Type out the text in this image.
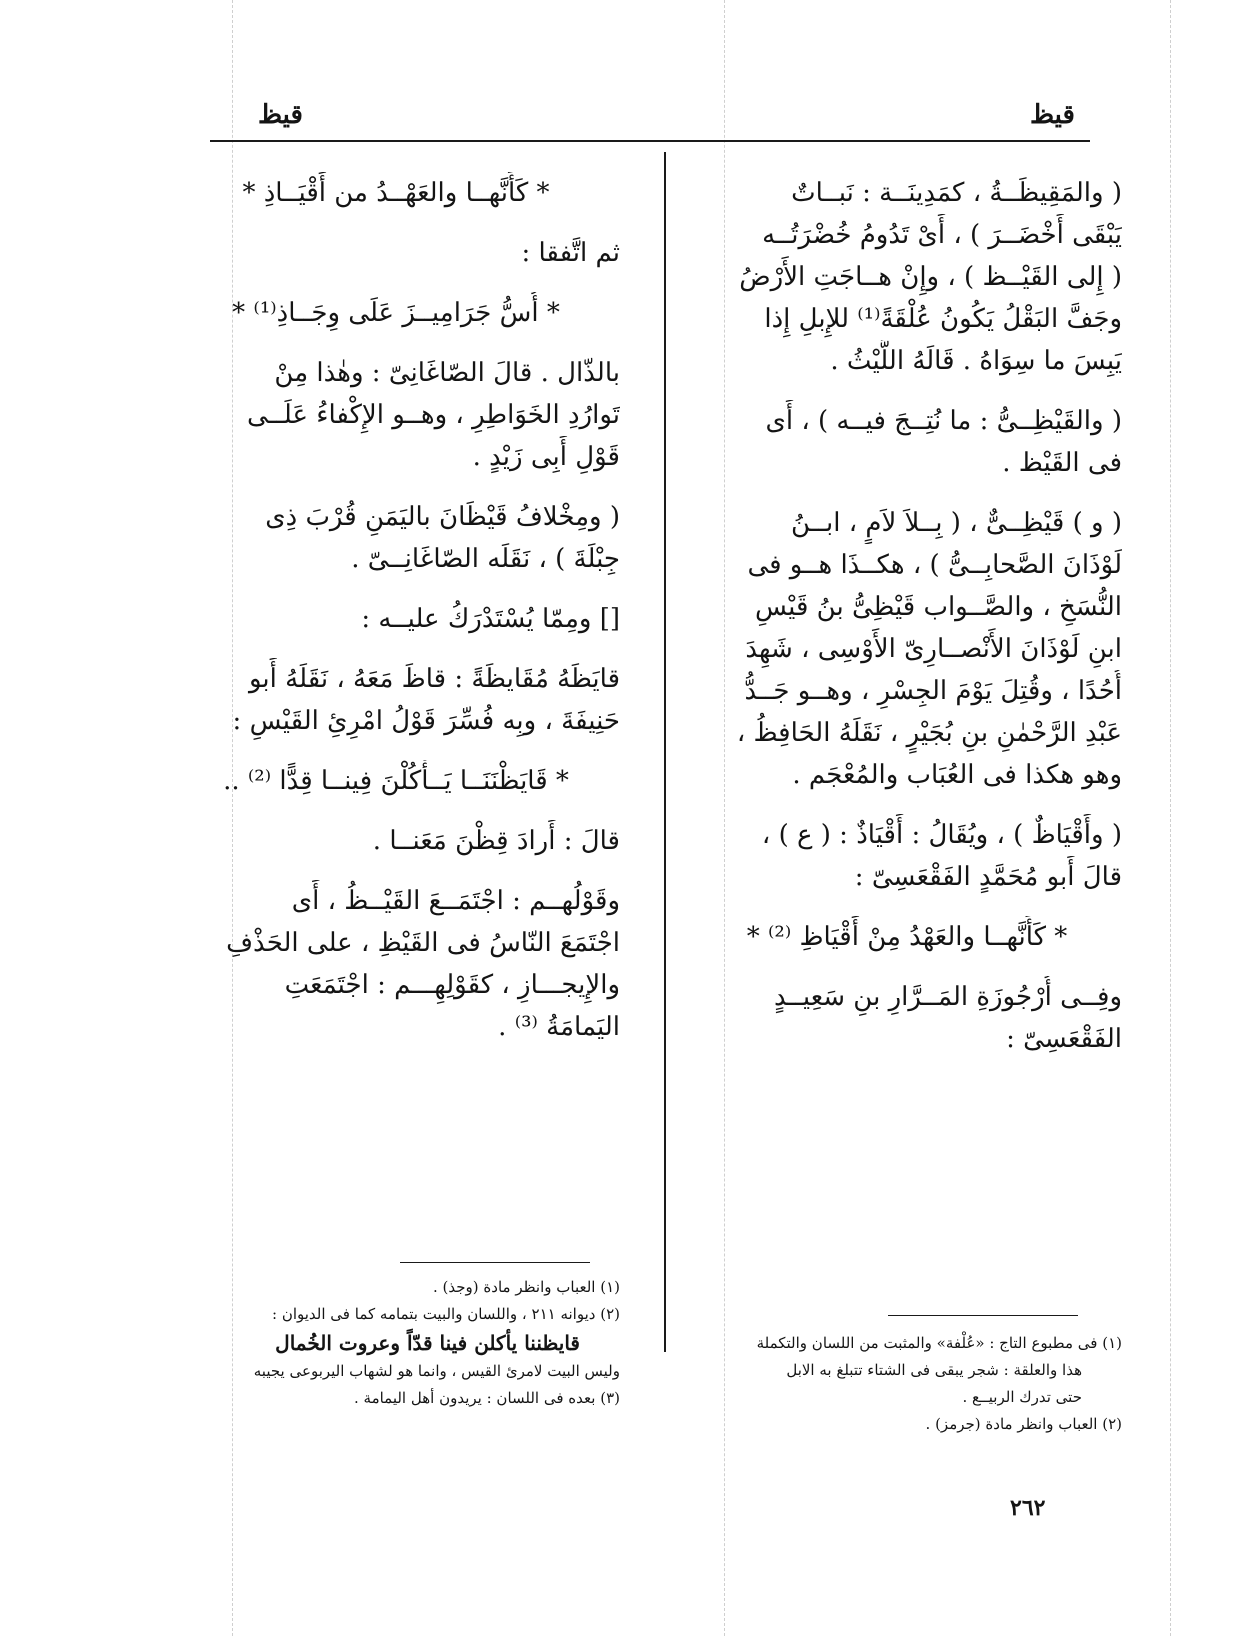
قيظ
قيظ
( والمَقِيظَــةُ ، كمَدِينَــة : نَبــاتٌ
يَبْقَى أَخْضَــرَ ) ، أَىْ تَدُومُ خُضْرَتُــه
( إِلى القَيْــظ ) ، وإِنْ هــاجَتِ الأَرْضُ
وجَفَّ البَقْلُ يَكُونُ عُلْقَةً⁽¹⁾ للإِبلِ إِذا
يَبِسَ ما سِوَاهُ . قَالَهُ اللَّيْثُ .
( والقَيْظِــىُّ : ما نُتِــجَ فيــه ) ، أَى
فى القَيْظ .
( و ) قَيْظِــىٌّ ، ( بِــلاَ لاَمٍ ، ابــنُ
لَوْذَانَ الصَّحابِــىُّ ) ، هكــذَا هــو فى
النُّسَخِ ، والصَّــواب قَيْظِىُّ بنُ قَيْسِ
ابنِ لَوْذَانَ الأَنْصــارِىّ الأَوْسِى ، شَهِدَ
أُحُدًا ، وقُتِلَ يَوْمَ الجِسْرِ ، وهــو جَــدُّ
عَبْدِ الرَّحْمٰنِ بنِ بُجَيْرٍ ، نَقَلَهُ الحَافِظُ ،
وهو هكذا فى العُبَاب والمُعْجَم .
( وأَقْيَاظٌ ) ، ويُقَالُ : أَقْيَاذٌ : ( ع ) ،
قالَ أَبو مُحَمَّدٍ الفَقْعَسِىّ :
* كَأَنَّهــا والعَهْدُ مِنْ أَقْيَاظِ ⁽²⁾ *
وفِــى أُرْجُوزَةِ المَــرَّارِ بنِ سَعِيــدٍ
الفَقْعَسِىّ :
* كَأَنَّهــا والعَهْــدُ من أَقْيَــاذِ *
ثم اتَّفقا :
* أُسُّ جَرَامِيــزَ عَلَى وِجَــاذِ⁽¹⁾ *
بالذّال . قالَ الصّاغَانِىّ : وهٰذا مِنْ
تَوارُدِ الخَوَاطِرِ ، وهــو الإِكْفاءُ عَلَــى
قَوْلِ أَبِى زَيْدٍ .
( ومِخْلافُ قَيْظَانَ باليَمَنِ قُرْبَ ذِى
جِبْلَةَ ) ، نَقَلَه الصّاغَانِــىّ .
[] ومِمّا يُسْتَدْرَكُ عليــه :
قايَظَهُ مُقَايظَةً : قاظَ مَعَهُ ، نَقَلَهُ أَبو
حَنِيفَةَ ، وبِه فُسِّرَ قَوْلُ امْرِئِ القَيْسِ :
* قَايَظْنَنَــا يَــأْكُلْنَ فِينــا قِدًّا ⁽²⁾ ..
قالَ : أَرادَ قِظْنَ مَعَنــا .
وقَوْلُهــم : اجْتَمَــعَ القَيْــظُ ، أَى
اجْتَمَعَ النّاسُ فى القَيْظِ ، على الحَذْفِ
والإِيجـــازِ ، كقَوْلِهِـــم : اجْتَمَعَتِ
اليَمامَةُ ⁽³⁾ .
(١) العباب وانظر مادة (وجذ) .
(٢) ديوانه ٢١١ ، واللسان والبيت بتمامه كما فى الديوان :
قايظننا يأكلن فينا قدّاً وعروت الخُمال
وليس البيت لامرئ القيس ، وانما هو لشهاب اليربوعى يجيبه
(٣) بعده فى اللسان : يريدون أهل اليمامة .
(١) فى مطبوع التاج : «عُلْفة» والمثبت من اللسان والتكملة
هذا والعلقة : شجر يبقى فى الشتاء تتبلغ به الابل
حتى تدرك الربيــع .
(٢) العباب وانظر مادة (جرمز) .
٢٦٢
